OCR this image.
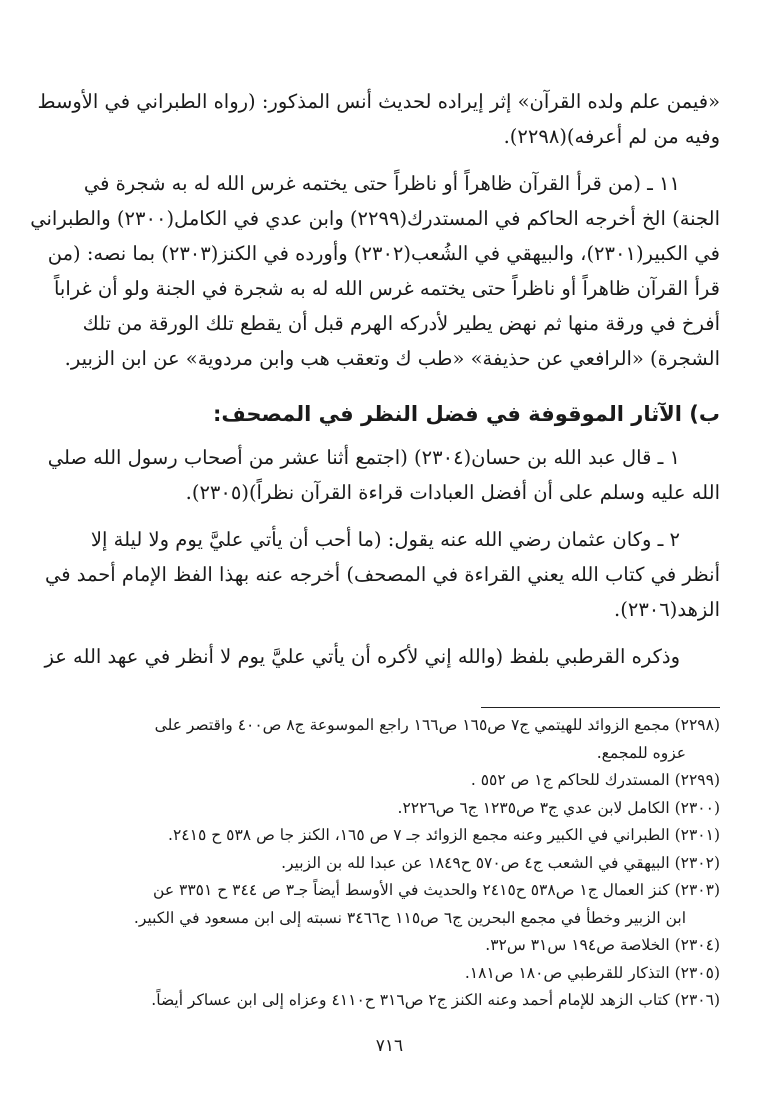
«فيمن علم ولده القرآن» إثر إيراده لحديث أنس المذكور: (رواه الطبراني في الأوسط

وفيه من لم أعرفه)(٢٢٩٨).

١١ ـ (من قرأ القرآن ظاهراً أو ناظراً حتى يختمه غرس الله له به شجرة في

الجنة) الخ أخرجه الحاكم في المستدرك(٢٢٩٩) وابن عدي في الكامل(٢٣٠٠) والطبراني

في الكبير(٢٣٠١)، والبيهقي في الشُعب(٢٣٠٢) وأورده في الكنز(٢٣٠٣) بما نصه: (من

قرأ القرآن ظاهراً أو ناظراً حتى يختمه غرس الله له به شجرة في الجنة ولو أن غراباً

أفرخ في ورقة منها ثم نهض يطير لأدركه الهرم قبل أن يقطع تلك الورقة من تلك

الشجرة) «الرافعي عن حذيفة» «طب ك وتعقب هب وابن مردوية» عن ابن الزبير.

ب) الآثار الموقوفة في فضل النظر في المصحف:

١ ـ قال عبد الله بن حسان(٢٣٠٤) (اجتمع أثنا عشر من أصحاب رسول الله صلي

الله عليه وسلم على أن أفضل العبادات قراءة القرآن نظراً)(٢٣٠٥).

٢ ـ وكان عثمان رضي الله عنه يقول: (ما أحب أن يأتي عليَّ يوم ولا ليلة إلا

أنظر في كتاب الله يعني القراءة في المصحف) أخرجه عنه بهذا الفظ الإمام أحمد في

الزهد(٢٣٠٦).

وذكره القرطبي بلفظ (والله إني لأكره أن يأتي عليَّ يوم لا أنظر في عهد الله عز

(٢٢٩٨) مجمع الزوائد للهيتمي ج٧ ص١٦٥ ص١٦٦ راجع الموسوعة ج٨ ص٤٠٠ واقتصر على

عزوه للمجمع.

(٢٢٩٩) المستدرك للحاكم ج١ ص ٥٥٢ .

(٢٣٠٠) الكامل لابن عدي ج٣ ص١٢٣٥ ج٦ ص٢٢٢٦.

(٢٣٠١) الطبراني في الكبير وعنه مجمع الزوائد جـ ٧ ص ١٦٥، الكنز جا ص ٥٣٨ ح ٢٤١٥.

(٢٣٠٢) البيهقي في الشعب ج٤ ص٥٧٠ ح١٨٤٩ عن عبدا لله بن الزبير.

(٢٣٠٣) كنز العمال ج١ ص٥٣٨ ح٢٤١٥ والحديث في الأوسط أيضاً جـ٣ ص ٣٤٤ ح ٣٣٥١ عن

ابن الزبير وخطأ في مجمع البحرين ج٦ ص١١٥ ح٣٤٦٦ نسبته إلى ابن مسعود في الكبير.

(٢٣٠٤) الخلاصة ص١٩٤ س٣١ س٣٢.

(٢٣٠٥) التذكار للقرطبي ص١٨٠ ص١٨١.

(٢٣٠٦) كتاب الزهد للإمام أحمد وعنه الكنز ج٢ ص٣١٦ ح٤١١٠ وعزاه إلى ابن عساكر أيضاً.

٧١٦
